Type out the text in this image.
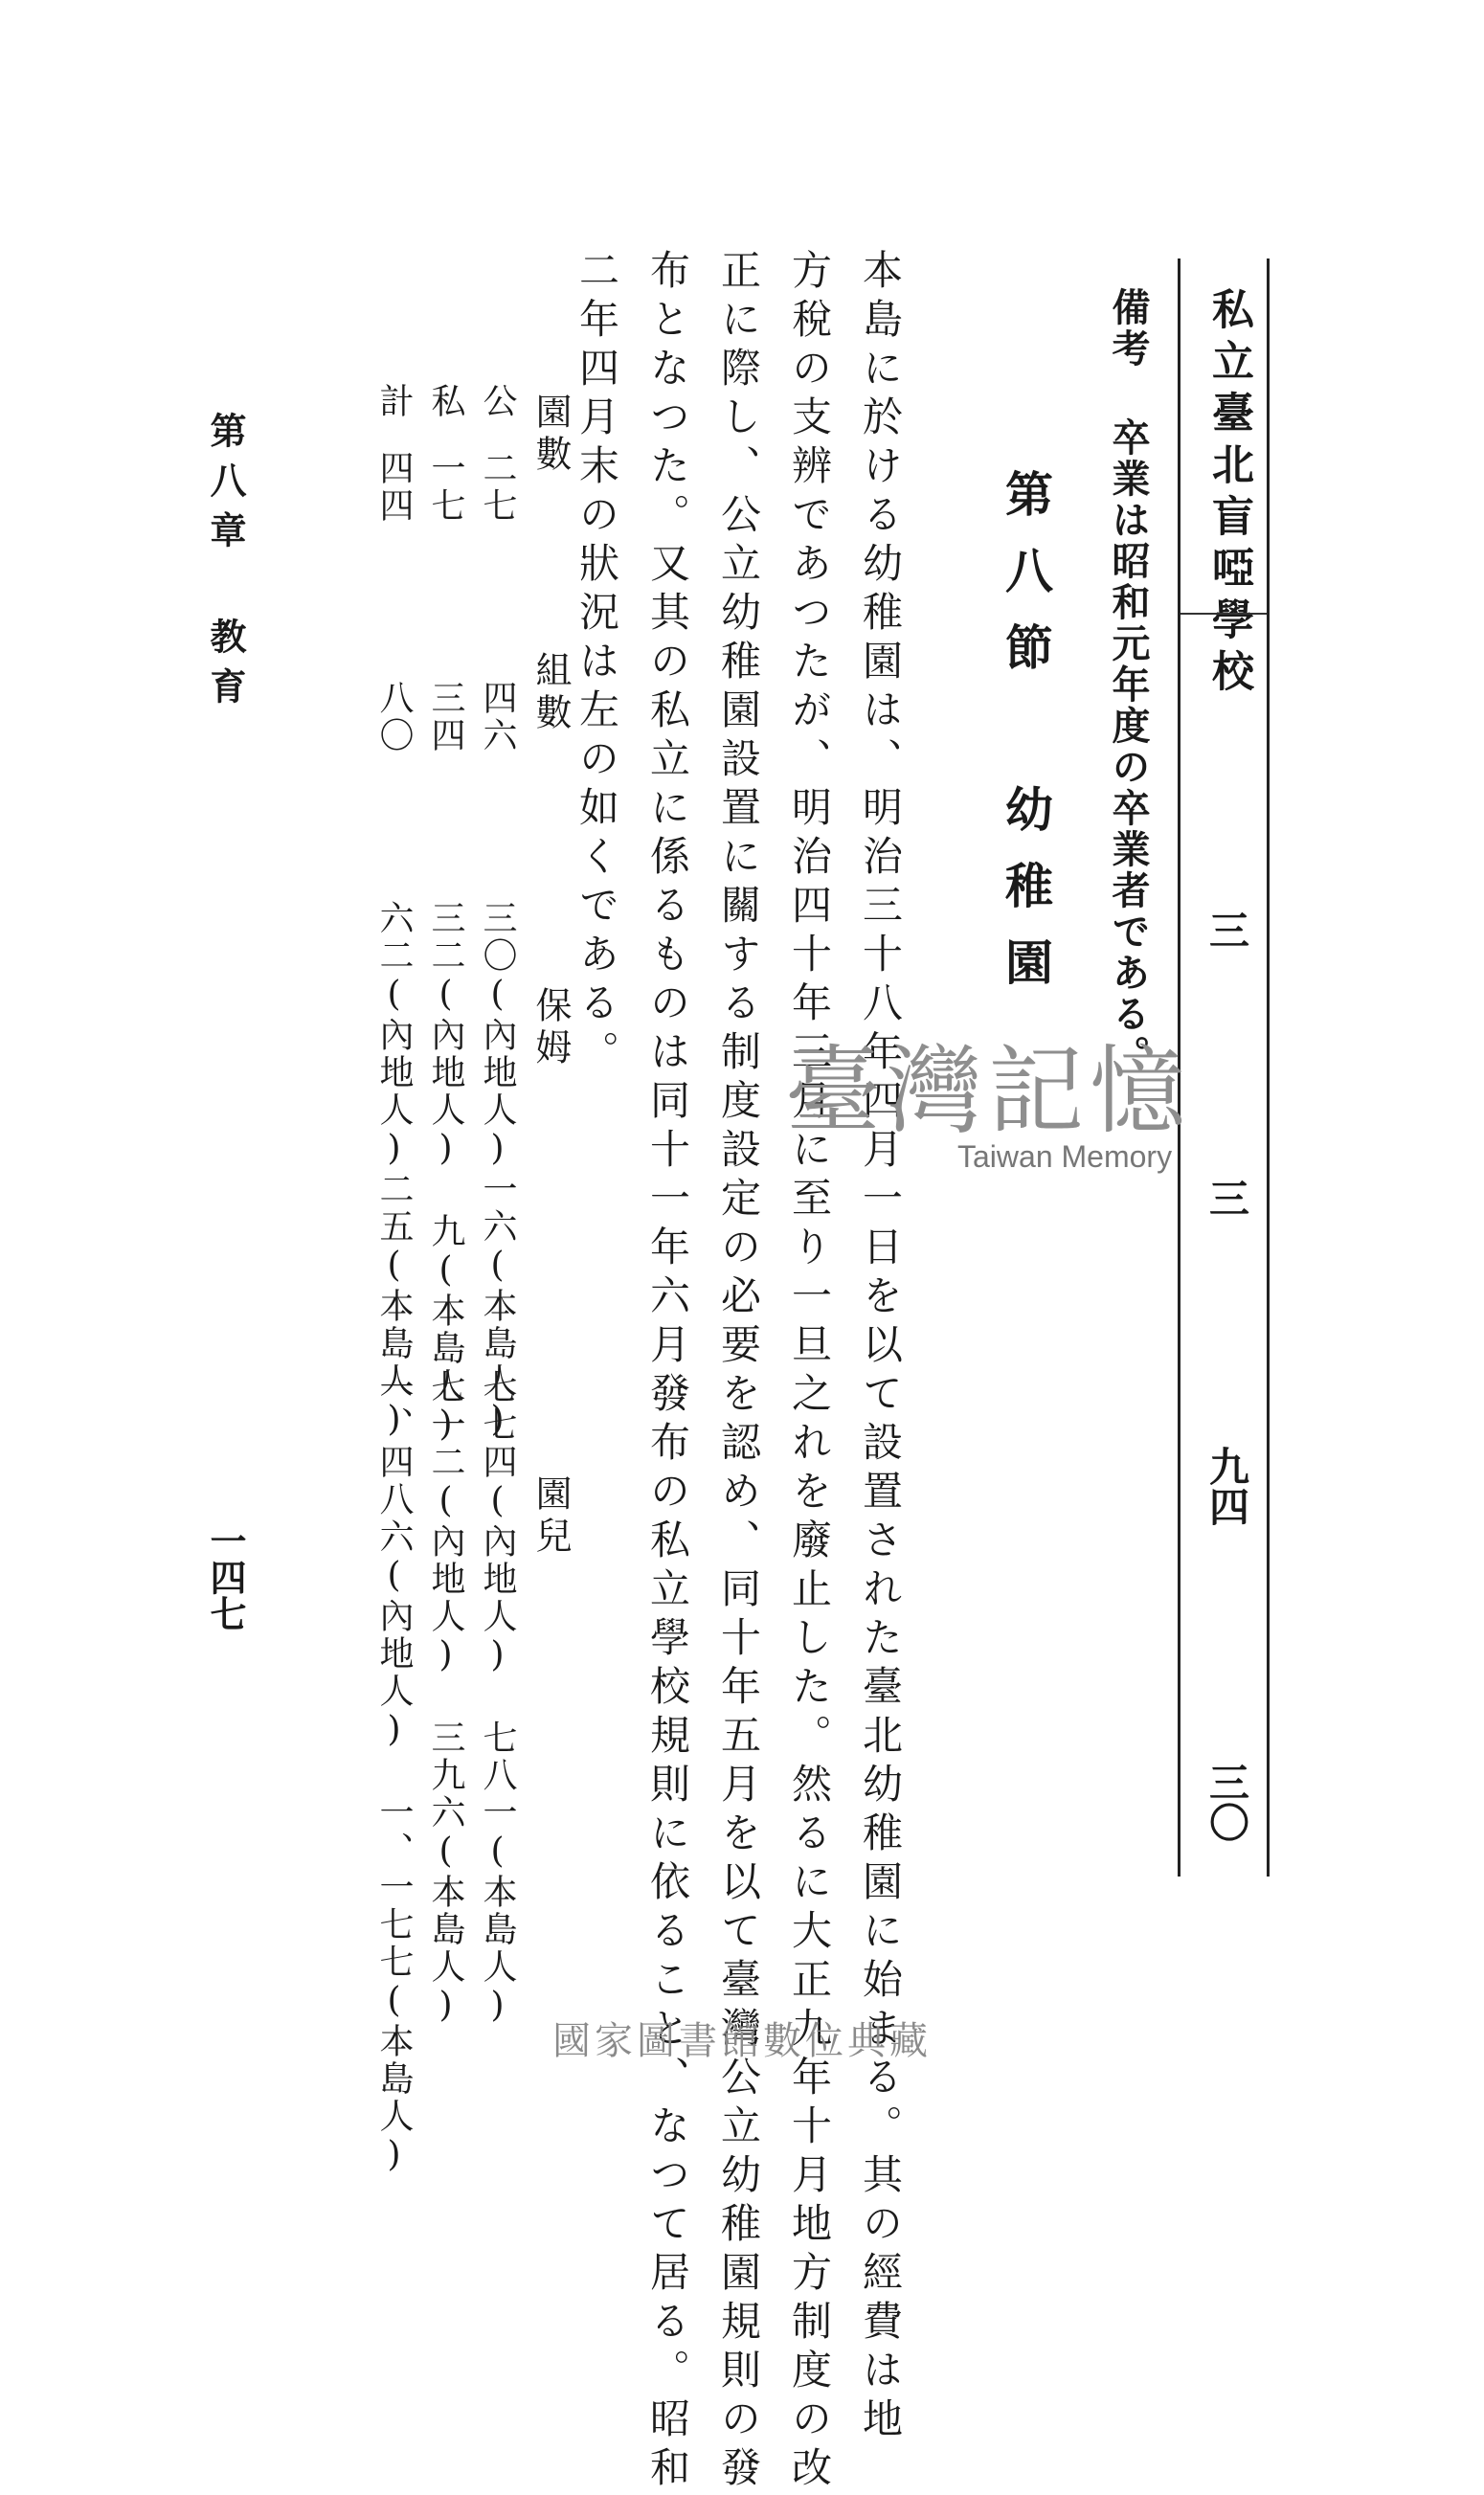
私立臺北盲啞學校
三
三
九四
三〇
備考 卒業は昭和元年度の卒業者である。
第八節 幼稚園
本島に於ける幼稚園は、明治三十八年四月一日を以て設置された臺北幼稚園に始まる。其の經費は地
方稅の支辨であつたが、明治四十年三月に至り一旦之れを廢止した。然るに大正九年十月地方制度の改
正に際し、公立幼稚園設置に關する制度設定の必要を認め、同十年五月を以て臺灣公立幼稚園規則の發
布となつた。又其の私立に係るものは同十一年六月發布の私立學校規則に依ること、なつて居る。昭和
二年四月末の狀況は左の如くである。
園數
組數
保姆
園兒
公
二七
四六
三〇(內地人)一六(本島人)
七七四(內地人) 七八一(本島人)
私
一七
三四
三二(內地人) 九(本島人)
七一二(內地人) 三九六(本島人)
計
四四
八〇
六二(內地人)二五(本島人)
一、四八六(內地人) 一、一七七(本島人)
第八章 教育
一四七
臺灣記憶
Taiwan Memory
國家圖書館數位典藏
